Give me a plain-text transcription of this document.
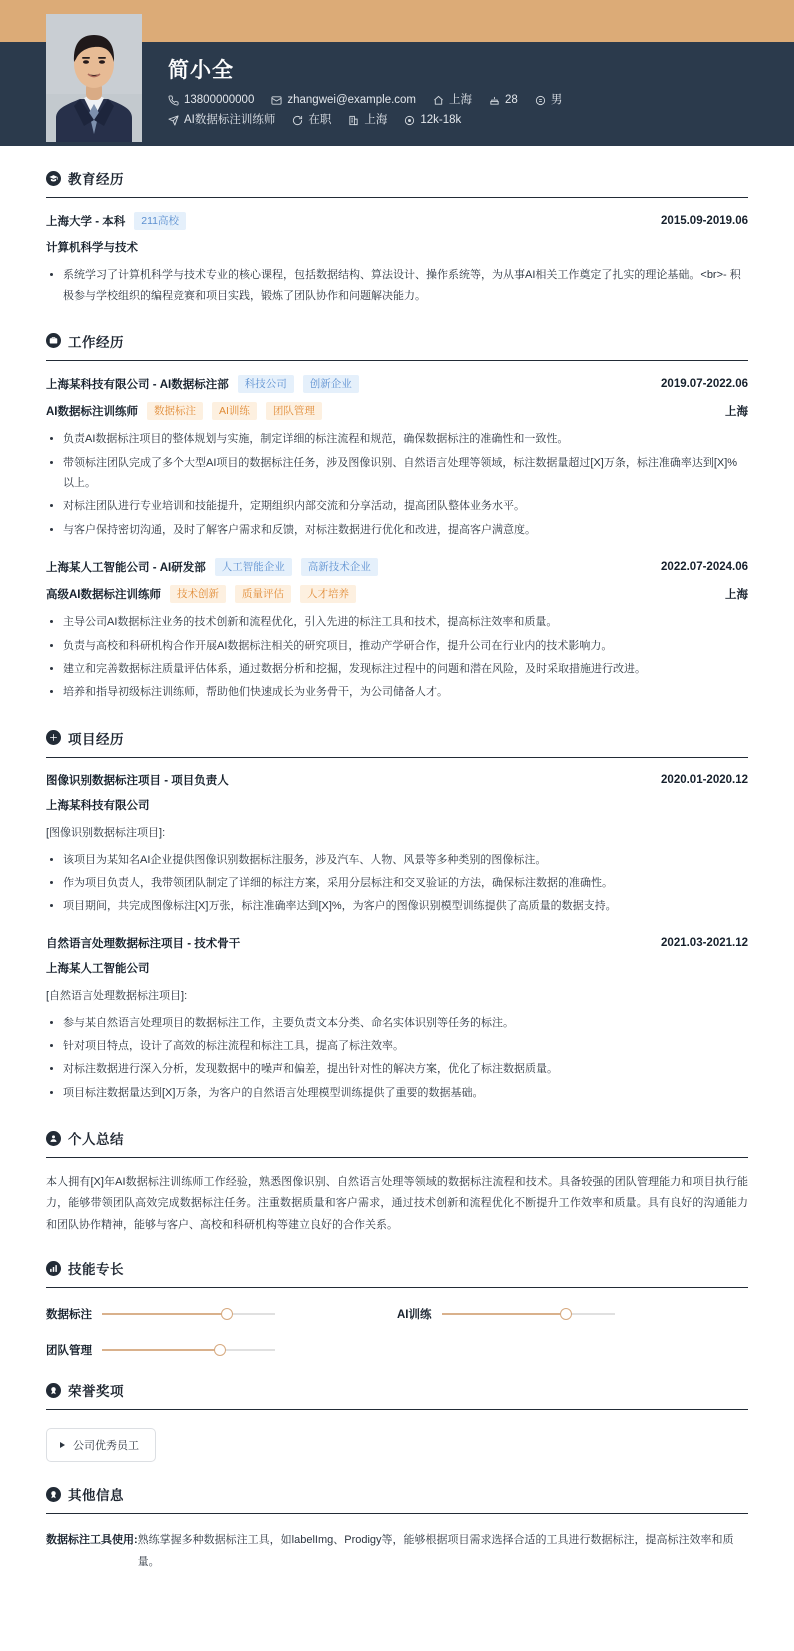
简小全
13800000000	zhangwei@example.com	上海	28	男
AI数据标注训练师	在职	上海	12k-18k
教育经历
上海大学 - 本科	211高校	2015.09-2019.06
计算机科学与技术
系统学习了计算机科学与技术专业的核心课程，包括数据结构、算法设计、操作系统等，为从事AI相关工作奠定了扎实的理论基础。<br>- 积极参与学校组织的编程竞赛和项目实践，锻炼了团队协作和问题解决能力。
工作经历
上海某科技有限公司 - AI数据标注部	科技公司	创新企业	2019.07-2022.06
AI数据标注训练师	数据标注	AI训练	团队管理	上海
负责AI数据标注项目的整体规划与实施，制定详细的标注流程和规范，确保数据标注的准确性和一致性。
带领标注团队完成了多个大型AI项目的数据标注任务，涉及图像识别、自然语言处理等领域，标注数据量超过[X]万条，标注准确率达到[X]%以上。
对标注团队进行专业培训和技能提升，定期组织内部交流和分享活动，提高团队整体业务水平。
与客户保持密切沟通，及时了解客户需求和反馈，对标注数据进行优化和改进，提高客户满意度。
上海某人工智能公司 - AI研发部	人工智能企业	高新技术企业	2022.07-2024.06
高级AI数据标注训练师	技术创新	质量评估	人才培养	上海
主导公司AI数据标注业务的技术创新和流程优化，引入先进的标注工具和技术，提高标注效率和质量。
负责与高校和科研机构合作开展AI数据标注相关的研究项目，推动产学研合作，提升公司在行业内的技术影响力。
建立和完善数据标注质量评估体系，通过数据分析和挖掘，发现标注过程中的问题和潜在风险，及时采取措施进行改进。
培养和指导初级标注训练师，帮助他们快速成长为业务骨干，为公司储备人才。
项目经历
图像识别数据标注项目 - 项目负责人	2020.01-2020.12
上海某科技有限公司
[图像识别数据标注项目]:
该项目为某知名AI企业提供图像识别数据标注服务，涉及汽车、人物、风景等多种类别的图像标注。
作为项目负责人，我带领团队制定了详细的标注方案，采用分层标注和交叉验证的方法，确保标注数据的准确性。
项目期间，共完成图像标注[X]万张，标注准确率达到[X]%，为客户的图像识别模型训练提供了高质量的数据支持。
自然语言处理数据标注项目 - 技术骨干	2021.03-2021.12
上海某人工智能公司
[自然语言处理数据标注项目]:
参与某自然语言处理项目的数据标注工作，主要负责文本分类、命名实体识别等任务的标注。
针对项目特点，设计了高效的标注流程和标注工具，提高了标注效率。
对标注数据进行深入分析，发现数据中的噪声和偏差，提出针对性的解决方案，优化了标注数据质量。
项目标注数据量达到[X]万条，为客户的自然语言处理模型训练提供了重要的数据基础。
个人总结
本人拥有[X]年AI数据标注训练师工作经验，熟悉图像识别、自然语言处理等领域的数据标注流程和技术。具备较强的团队管理能力和项目执行能力，能够带领团队高效完成数据标注任务。注重数据质量和客户需求，通过技术创新和流程优化不断提升工作效率和质量。具有良好的沟通能力和团队协作精神，能够与客户、高校和科研机构等建立良好的合作关系。
技能专长
数据标注	AI训练
团队管理
荣誉奖项
公司优秀员工
其他信息
数据标注工具使用: 熟练掌握多种数据标注工具，如labelImg、Prodigy等，能够根据项目需求选择合适的工具进行数据标注，提高标注效率和质量。
